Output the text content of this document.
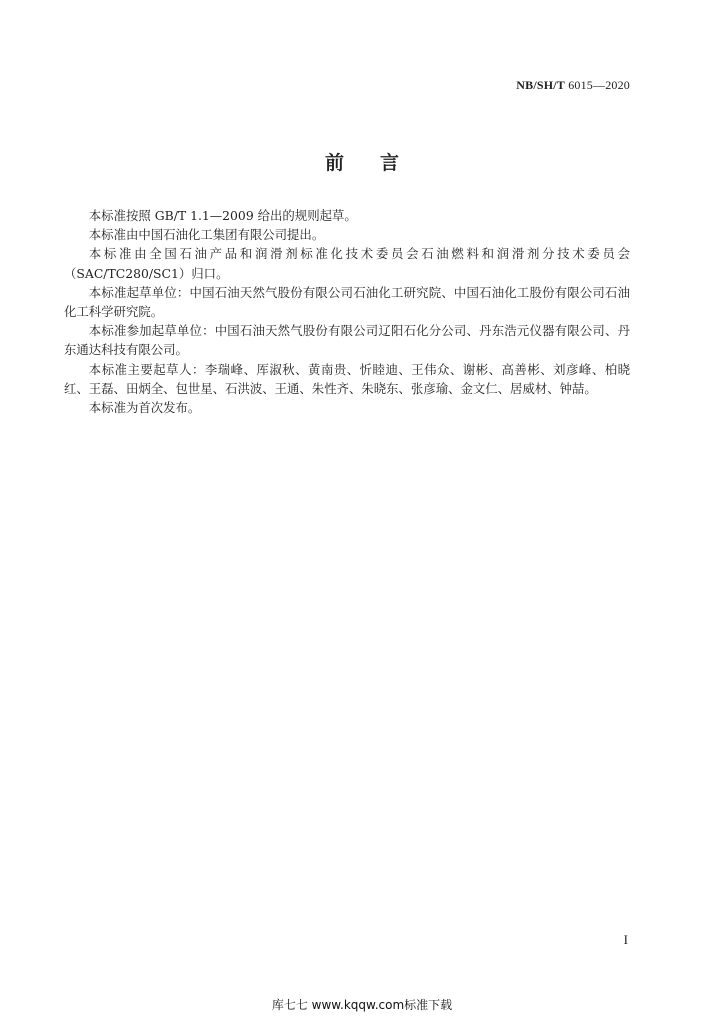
NB/SH/T 6015—2020
前言

本标准按照 GB/T 1.1—2009 给出的规则起草。

本标准由中国石油化工集团有限公司提出。

本标准由全国石油产品和润滑剂标准化技术委员会石油燃料和润滑剂分技术委员会（SAC/TC280/SC1）归口。

本标准起草单位：中国石油天然气股份有限公司石油化工研究院、中国石油化工股份有限公司石油化工科学研究院。

本标准参加起草单位：中国石油天然气股份有限公司辽阳石化分公司、丹东浩元仪器有限公司、丹东通达科技有限公司。

本标准主要起草人：李瑞峰、厍淑秋、黄南贵、忻睦迪、王伟众、谢彬、高善彬、刘彦峰、柏晓红、王磊、田炳全、包世星、石洪波、王通、朱性齐、朱晓东、张彦瑜、金文仁、居威材、钟喆。

本标准为首次发布。

I
库七七 www.kqqw.com标准下载
